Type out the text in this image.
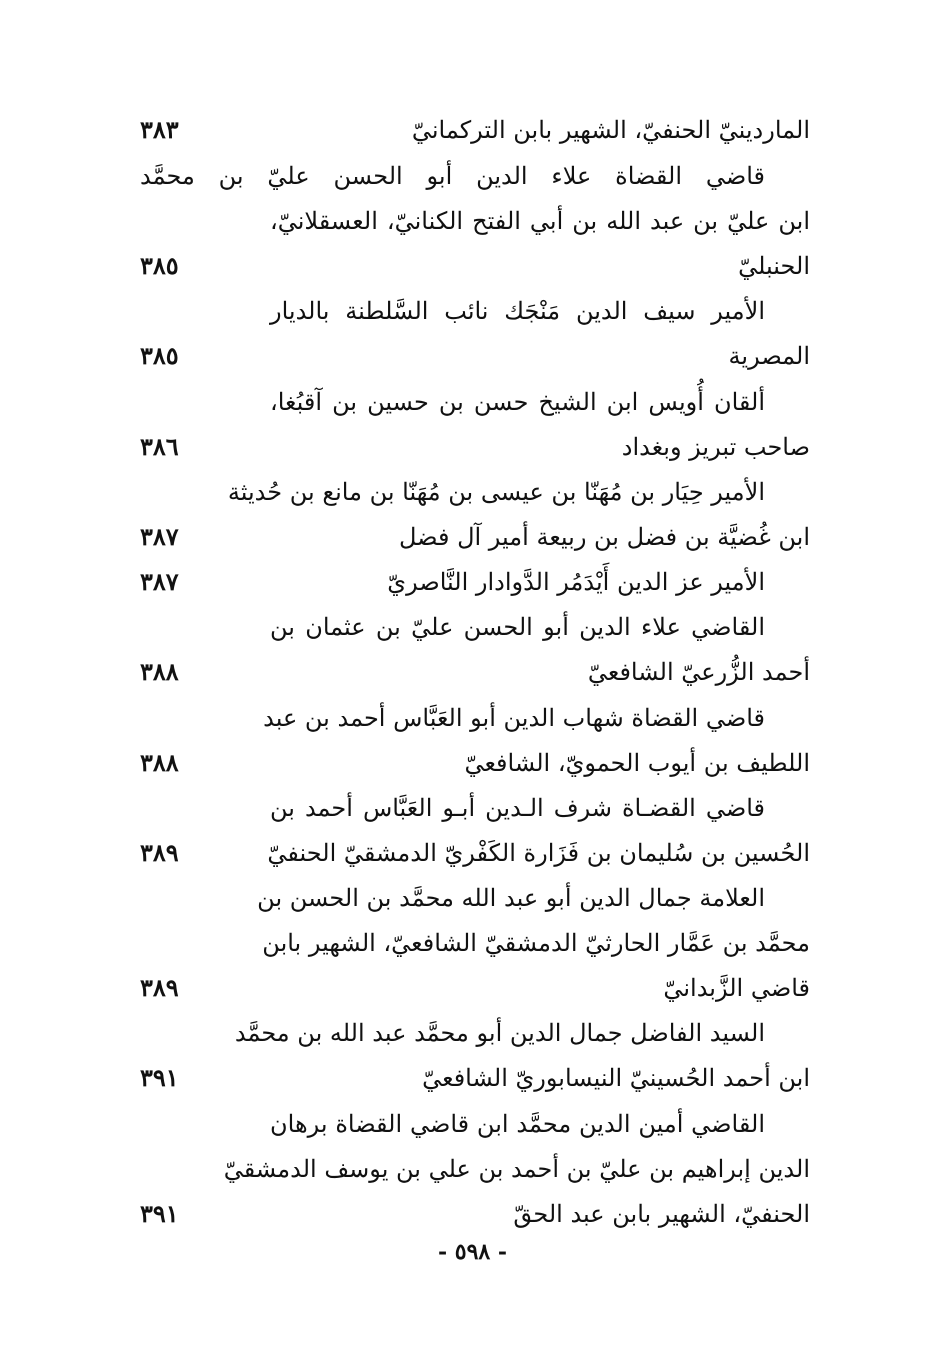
الماردينيّ الحنفيّ، الشهير بابن التركمانيّ
٣٨٣
قاضي القضاة علاء الدين أبو الحسن عليّ بن محمَّد
ابن عليّ بن عبد الله بن أبي الفتح الكنانيّ، العسقلانيّ،
الحنبليّ
٣٨٥
الأمير سيف الدين مَنْجَك نائب السَّلطنة بالديار
المصرية
٣٨٥
ألقان أُويس ابن الشيخ حسن بن حسين بن آقبُغا،
صاحب تبريز وبغداد
٣٨٦
الأمير حِيَار بن مُهَنّا بن عيسى بن مُهَنّا بن مانع بن حُديثة
ابن غُضيَّة بن فضل بن ربيعة أمير آل فضل
٣٨٧
الأمير عز الدين أَيْدَمُر الدَّوادار النَّاصريّ
٣٨٧
القاضي علاء الدين أبو الحسن عليّ بن عثمان بن
أحمد الزُّرعيّ الشافعيّ
٣٨٨
قاضي القضاة شهاب الدين أبو العَبَّاس أحمد بن عبد
اللطيف بن أيوب الحمويّ، الشافعيّ
٣٨٨
قاضي القضـاة شرف الـدين أبـو العَبَّاس أحمد بن
الحُسين بن سُليمان بن فَزَارة الكَفْريّ الدمشقيّ الحنفيّ
٣٨٩
العلامة جمال الدين أبو عبد الله محمَّد بن الحسن بن
محمَّد بن عَمَّار الحارثيّ الدمشقيّ الشافعيّ، الشهير بابن
قاضي الزَّبدانيّ
٣٨٩
السيد الفاضل جمال الدين أبو محمَّد عبد الله بن محمَّد
ابن أحمد الحُسينيّ النيسابوريّ الشافعيّ
٣٩١
القاضي أمين الدين محمَّد ابن قاضي القضاة برهان
الدين إبراهيم بن عليّ بن أحمد بن علي بن يوسف الدمشقيّ
الحنفيّ، الشهير بابن عبد الحقّ
٣٩١
- ٥٩٨ -
